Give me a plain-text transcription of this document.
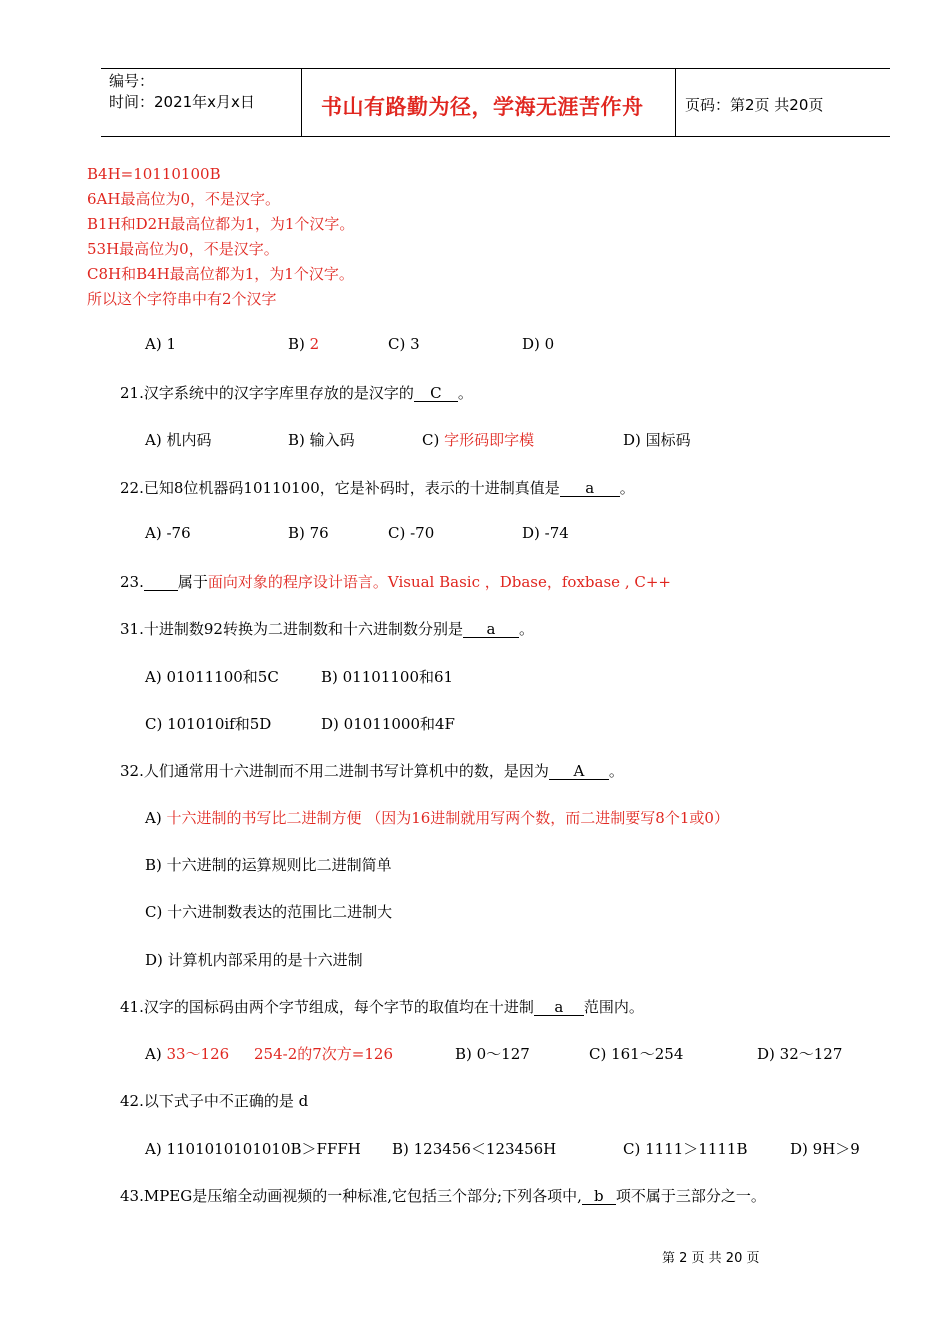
编号：
时间：2021年x月x日	书山有路勤为径，学海无涯苦作舟	页码：第2页 共20页
B4H=10110100B
6AH最高位为0，不是汉字。
B1H和D2H最高位都为1，为1个汉字。
53H最高位为0，不是汉字。
C8H和B4H最高位都为1，为1个汉字。
所以这个字符串中有2个汉字
A) 1	B) 2	C) 3	D) 0
21.汉字系统中的汉字字库里存放的是汉字的 C 。
A) 机内码	B) 输入码	C) 字形码即字模	D) 国标码
22.已知8位机器码10110100，它是补码时，表示的十进制真值是 a 。
A) -76	B) 76	C) -70	D) -74
23. 属于面向对象的程序设计语言。Visual Basic ，Dbase，foxbase , C++
31.十进制数92转换为二进制数和十六进制数分别是 a 。
A) 01011100和5C	B) 01101100和61
C) 101010if和5D	D) 01011000和4F
32.人们通常用十六进制而不用二进制书写计算机中的数，是因为 A 。
A) 十六进制的书写比二进制方便 （因为16进制就用写两个数，而二进制要写8个1或0）
B) 十六进制的运算规则比二进制简单
C) 十六进制数表达的范围比二进制大
D) 计算机内部采用的是十六进制
41.汉字的国标码由两个字节组成，每个字节的取值均在十进制 a 范围内。
A) 33～126 254-2的7次方=126	B) 0～127	C) 161～254	D) 32～127
42.以下式子中不正确的是 d
A) 1101010101010B＞FFFH B) 123456＜123456H	C) 1111＞1111B	D) 9H＞9
43.MPEG是压缩全动画视频的一种标准,它包括三个部分;下列各项中, b 项不属于三部分之一。
第 2 页 共 20 页
